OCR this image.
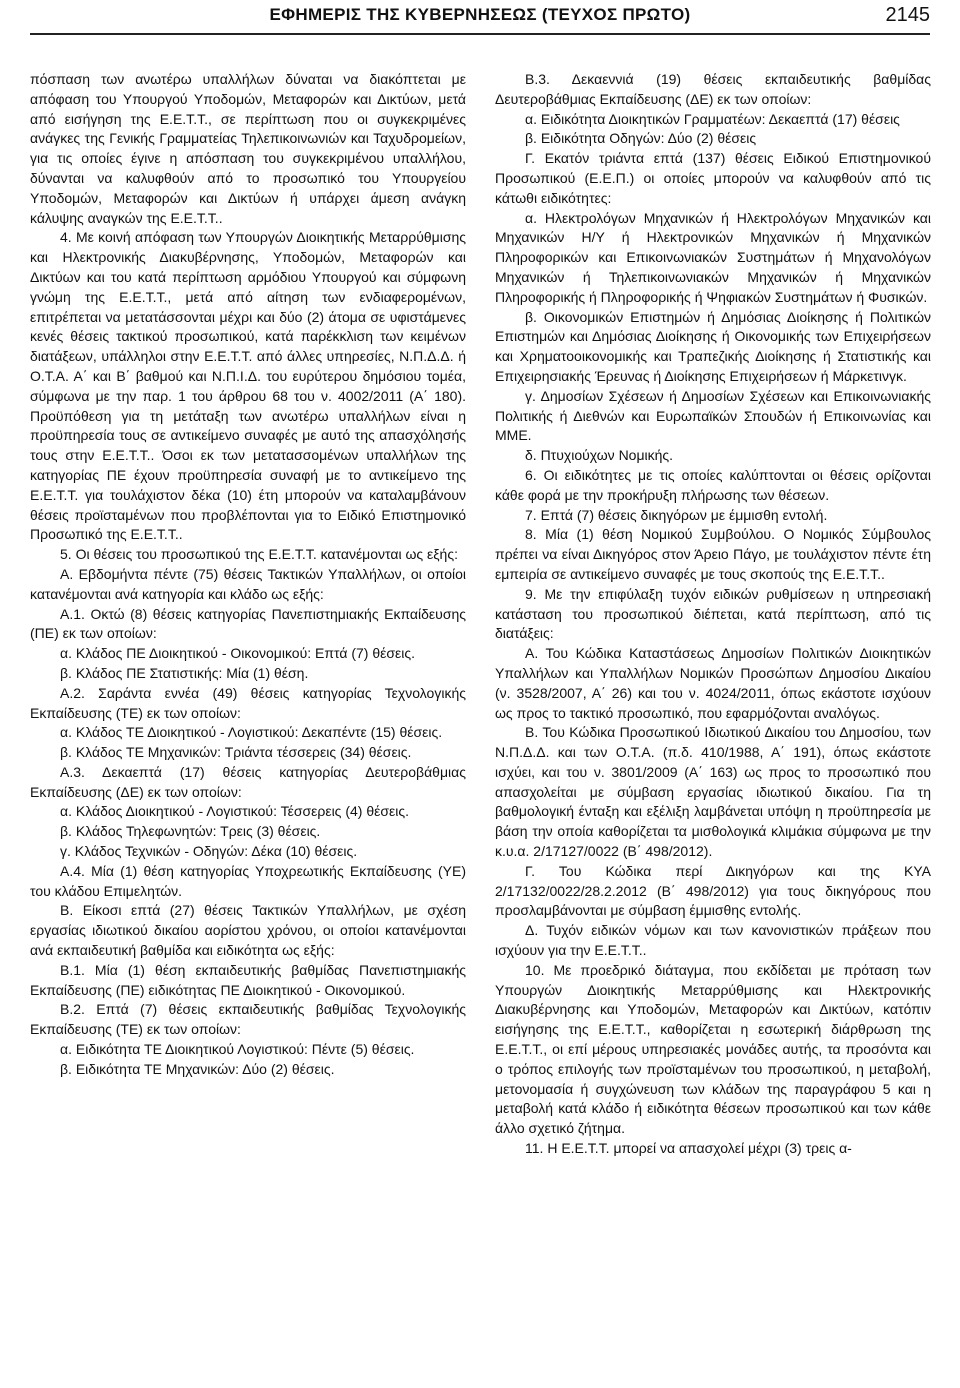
ΕΦΗΜΕΡΙΣ ΤΗΣ ΚΥΒΕΡΝΗΣΕΩΣ (ΤΕΥΧΟΣ ΠΡΩΤΟ)	2145

πόσπαση των ανωτέρω υπαλλήλων δύναται να διακόπτεται με απόφαση του Υπουργού Υποδομών, Μεταφορών και Δικτύων, μετά από εισήγηση της Ε.Ε.Τ.Τ., σε περίπτωση που οι συγκεκριμένες ανάγκες της Γενικής Γραμματείας Τηλεπικοινωνιών και Ταχυδρομείων, για τις οποίες έγινε η απόσπαση του συγκεκριμένου υπαλλήλου, δύνανται να καλυφθούν από το προσωπικό του Υπουργείου Υποδομών, Μεταφορών και Δικτύων ή υπάρχει άμεση ανάγκη κάλυψης αναγκών της Ε.Ε.Τ.Τ..

4. Με κοινή απόφαση των Υπουργών Διοικητικής Μεταρρύθμισης και Ηλεκτρονικής Διακυβέρνησης, Υποδομών, Μεταφορών και Δικτύων και του κατά περίπτωση αρμόδιου Υπουργού και σύμφωνη γνώμη της Ε.Ε.Τ.Τ., μετά από αίτηση των ενδιαφερομένων, επιτρέπεται να μετατάσσονται μέχρι και δύο (2) άτομα σε υφιστάμενες κενές θέσεις τακτικού προσωπικού, κατά παρέκκλιση των κειμένων διατάξεων, υπάλληλοι στην Ε.Ε.Τ.Τ. από άλλες υπηρεσίες, Ν.Π.Δ.Δ. ή Ο.Τ.Α. Α΄ και Β΄ βαθμού και Ν.Π.Ι.Δ. του ευρύτερου δημόσιου τομέα, σύμφωνα με την παρ. 1 του άρθρου 68 του ν. 4002/2011 (Α΄ 180). Προϋπόθεση για τη μετάταξη των ανωτέρω υπαλλήλων είναι η προϋπηρεσία τους σε αντικείμενο συναφές με αυτό της απασχόλησής τους στην Ε.Ε.Τ.Τ.. Όσοι εκ των μετατασσομένων υπαλλήλων της κατηγορίας ΠΕ έχουν προϋπηρεσία συναφή με το αντικείμενο της Ε.Ε.Τ.Τ. για τουλάχιστον δέκα (10) έτη μπορούν να καταλαμβάνουν θέσεις προϊσταμένων που προβλέπονται για το Ειδικό Επιστημονικό Προσωπικό της Ε.Ε.Τ.Τ..

5. Οι θέσεις του προσωπικού της Ε.Ε.Τ.Τ. κατανέμονται ως εξής:

Α. Εβδομήντα πέντε (75) θέσεις Τακτικών Υπαλλήλων, οι οποίοι κατανέμονται ανά κατηγορία και κλάδο ως εξής:

Α.1. Οκτώ (8) θέσεις κατηγορίας Πανεπιστημιακής Εκπαίδευσης (ΠΕ) εκ των οποίων:

α. Κλάδος ΠΕ Διοικητικού - Οικονομικού: Επτά (7) θέσεις.

β. Κλάδος ΠΕ Στατιστικής: Μία (1) θέση.

Α.2. Σαράντα εννέα (49) θέσεις κατηγορίας Τεχνολογικής Εκπαίδευσης (ΤΕ) εκ των οποίων:

α. Κλάδος ΤΕ Διοικητικού - Λογιστικού: Δεκαπέντε (15) θέσεις.

β. Κλάδος ΤΕ Μηχανικών: Τριάντα τέσσερεις (34) θέσεις.

Α.3. Δεκαεπτά (17) θέσεις κατηγορίας Δευτεροβάθμιας Εκπαίδευσης (ΔΕ) εκ των οποίων:

α. Κλάδος Διοικητικού - Λογιστικού: Τέσσερεις (4) θέσεις.

β. Κλάδος Τηλεφωνητών: Τρεις (3) θέσεις.

γ. Κλάδος Τεχνικών - Οδηγών: Δέκα (10) θέσεις.

Α.4. Μία (1) θέση κατηγορίας Υποχρεωτικής Εκπαίδευσης (ΥΕ) του κλάδου Επιμελητών.

Β. Είκοσι επτά (27) θέσεις Τακτικών Υπαλλήλων, με σχέση εργασίας ιδιωτικού δικαίου αορίστου χρόνου, οι οποίοι κατανέμονται ανά εκπαιδευτική βαθμίδα και ειδικότητα ως εξής:

Β.1. Μία (1) θέση εκπαιδευτικής βαθμίδας Πανεπιστημιακής Εκπαίδευσης (ΠΕ) ειδικότητας ΠΕ Διοικητικού - Οικονομικού.

Β.2. Επτά (7) θέσεις εκπαιδευτικής βαθμίδας Τεχνολογικής Εκπαίδευσης (ΤΕ) εκ των οποίων:

α. Ειδικότητα ΤΕ Διοικητικού Λογιστικού: Πέντε (5) θέσεις.

β. Ειδικότητα ΤΕ Μηχανικών: Δύο (2) θέσεις.

Β.3. Δεκαεννιά (19) θέσεις εκπαιδευτικής βαθμίδας Δευτεροβάθμιας Εκπαίδευσης (ΔΕ) εκ των οποίων:

α. Ειδικότητα Διοικητικών Γραμματέων: Δεκαεπτά (17) θέσεις

β. Ειδικότητα Οδηγών: Δύο (2) θέσεις

Γ. Εκατόν τριάντα επτά (137) θέσεις Ειδικού Επιστημονικού Προσωπικού (Ε.Ε.Π.) οι οποίες μπορούν να καλυφθούν από τις κάτωθι ειδικότητες:

α. Ηλεκτρολόγων Μηχανικών ή Ηλεκτρολόγων Μηχανικών και Μηχανικών Η/Υ ή Ηλεκτρονικών Μηχανικών ή Μηχανικών Πληροφορικών και Επικοινωνιακών Συστημάτων ή Μηχανολόγων Μηχανικών ή Τηλεπικοινωνιακών Μηχανικών ή Μηχανικών Πληροφορικής ή Πληροφορικής ή Ψηφιακών Συστημάτων ή Φυσικών.

β. Οικονομικών Επιστημών ή Δημόσιας Διοίκησης ή Πολιτικών Επιστημών και Δημόσιας Διοίκησης ή Οικονομικής των Επιχειρήσεων και Χρηματοοικονομικής και Τραπεζικής Διοίκησης ή Στατιστικής και Επιχειρησιακής Έρευνας ή Διοίκησης Επιχειρήσεων ή Μάρκετινγκ.

γ. Δημοσίων Σχέσεων ή Δημοσίων Σχέσεων και Επικοινωνιακής Πολιτικής ή Διεθνών και Ευρωπαϊκών Σπουδών ή Επικοινωνίας και ΜΜΕ.

δ. Πτυχιούχων Νομικής.

6. Οι ειδικότητες με τις οποίες καλύπτονται οι θέσεις ορίζονται κάθε φορά με την προκήρυξη πλήρωσης των θέσεων.

7. Επτά (7) θέσεις δικηγόρων με έμμισθη εντολή.

8. Μία (1) θέση Νομικού Συμβούλου. Ο Νομικός Σύμβουλος πρέπει να είναι Δικηγόρος στον Άρειο Πάγο, με τουλάχιστον πέντε έτη εμπειρία σε αντικείμενο συναφές με τους σκοπούς της Ε.Ε.Τ.Τ..

9. Με την επιφύλαξη τυχόν ειδικών ρυθμίσεων η υπηρεσιακή κατάσταση του προσωπικού διέπεται, κατά περίπτωση, από τις διατάξεις:

Α. Του Κώδικα Καταστάσεως Δημοσίων Πολιτικών Διοικητικών Υπαλλήλων και Υπαλλήλων Νομικών Προσώπων Δημοσίου Δικαίου (ν. 3528/2007, Α΄ 26) και του ν. 4024/2011, όπως εκάστοτε ισχύουν ως προς το τακτικό προσωπικό, που εφαρμόζονται αναλόγως.

Β. Του Κώδικα Προσωπικού Ιδιωτικού Δικαίου του Δημοσίου, των Ν.Π.Δ.Δ. και των Ο.Τ.Α. (π.δ. 410/1988, Α΄ 191), όπως εκάστοτε ισχύει, και του ν. 3801/2009 (Α΄ 163) ως προς το προσωπικό που απασχολείται με σύμβαση εργασίας ιδιωτικού δικαίου. Για τη βαθμολογική ένταξη και εξέλιξη λαμβάνεται υπόψη η προϋπηρεσία με βάση την οποία καθορίζεται τα μισθολογικά κλιμάκια σύμφωνα με την κ.υ.α. 2/17127/0022 (Β΄ 498/2012).

Γ. Του Κώδικα περί Δικηγόρων και της ΚΥΑ 2/17132/0022/28.2.2012 (Β΄ 498/2012) για τους δικηγόρους που προσλαμβάνονται με σύμβαση έμμισθης εντολής.

Δ. Τυχόν ειδικών νόμων και των κανονιστικών πράξεων που ισχύουν για την Ε.Ε.Τ.Τ..

10. Με προεδρικό διάταγμα, που εκδίδεται με πρόταση των Υπουργών Διοικητικής Μεταρρύθμισης και Ηλεκτρονικής Διακυβέρνησης και Υποδομών, Μεταφορών και Δικτύων, κατόπιν εισήγησης της Ε.Ε.Τ.Τ., καθορίζεται η εσωτερική διάρθρωση της Ε.Ε.Τ.Τ., οι επί μέρους υπηρεσιακές μονάδες αυτής, τα προσόντα και ο τρόπος επιλογής των προϊσταμένων του προσωπικού, η μεταβολή, μετονομασία ή συγχώνευση των κλάδων της παραγράφου 5 και η μεταβολή κατά κλάδο ή ειδικότητα θέσεων προσωπικού και των κάθε άλλο σχετικό ζήτημα.

11. Η Ε.Ε.Τ.Τ. μπορεί να απασχολεί μέχρι (3) τρεις α-
